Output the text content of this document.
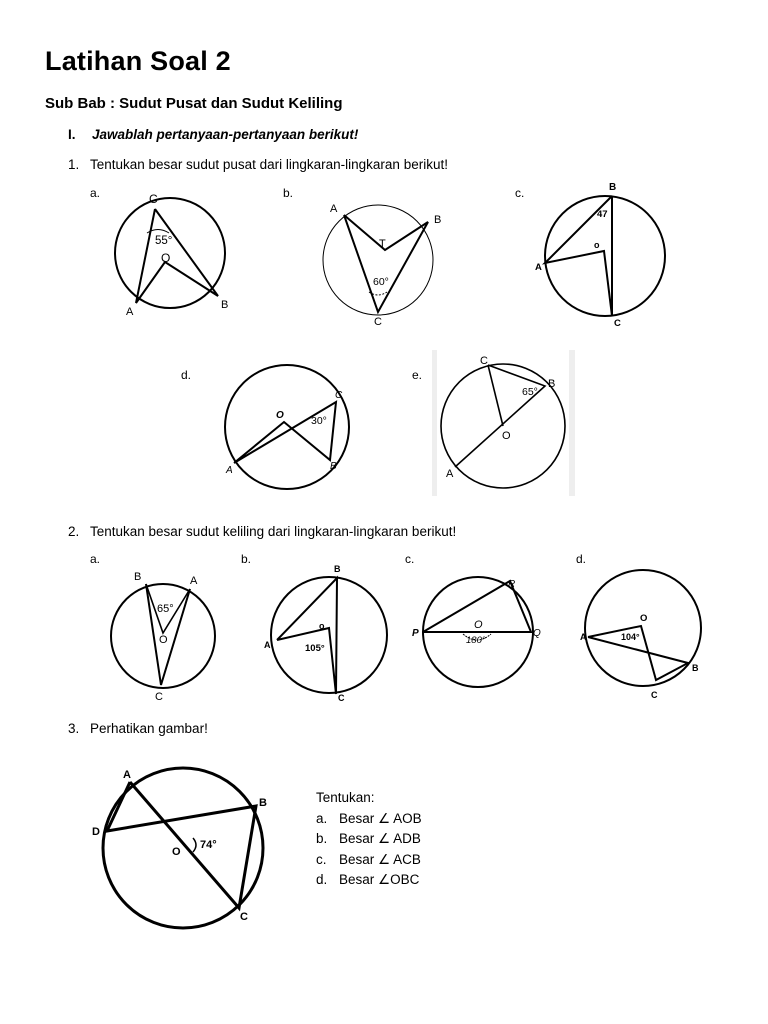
Latihan Soal 2
Sub Bab : Sudut Pusat dan Sudut Keliling
I. Jawablah pertanyaan-pertanyaan berikut!
1. Tentukan besar sudut pusat dari lingkaran-lingkaran berikut!
a.	b.	c.
d.	e.
2. Tentukan besar sudut keliling dari lingkaran-lingkaran berikut!
a.	b.	c.	d.
3. Perhatikan gambar!
Tentukan:
a. Besar ∠ AOB
b. Besar ∠ ADB
c. Besar ∠ ACB
d. Besar ∠OBC
C
55°
O
A
B
A
B
T
60°
C
B
47
o
A
C
O
C
30°
A	B
C
B
65°
O
A
B	A
65°
O
C
B
o
A	105°
C
R
O
P	Q
180°
O
A	104°
B
C
A
B
D
O
74°
C
